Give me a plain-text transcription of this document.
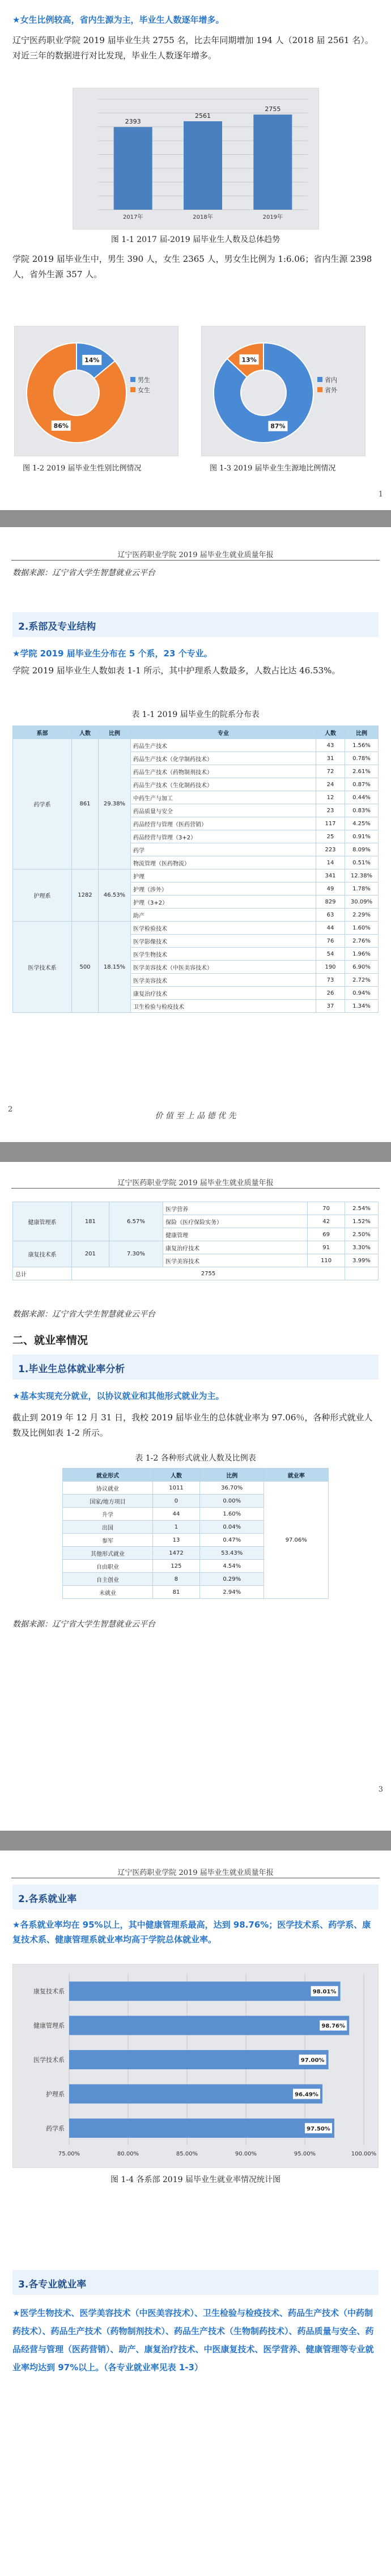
★女生比例较高，省内生源为主，毕业生人数逐年增多。
辽宁医药职业学院 2019 届毕业生共 2755 名，比去年同期增加 194 人（2018 届 2561 名）。对近三年的数据进行对比发现，毕业生人数逐年增多。
2393
2017年
2561
2018年
2755
2019年
图 1-1 2017 届-2019 届毕业生人数及总体趋势
学院 2019 届毕业生中，男生 390 人，女生 2365 人，男女生比例为 1:6.06；省内生源 2398 人，省外生源 357 人。
14%
86%
男生
女生
87%
13%
省内
省外
图 1-2 2019 届毕业生性别比例情况	图 1-3 2019 届毕业生生源地比例情况
1
辽宁医药职业学院 2019 届毕业生就业质量年报
数据来源：辽宁省大学生智慧就业云平台
2.系部及专业结构
★学院 2019 届毕业生分布在 5 个系，23 个专业。
学院 2019 届毕业生人数如表 1-1 所示，其中护理系人数最多，人数占比达 46.53%。
表 1-1 2019 届毕业生的院系分布表
系部	人数	比例	专业	人数	比例
药学系	861	29.38%	药品生产技术	43	1.56%
			药品生产技术（化学制药技术）	31	0.78%
			药品生产技术（药物制剂技术）	72	2.61%
			药品生产技术（生化制药技术）	24	0.87%
			中药生产与加工	12	0.44%
			药品质量与安全	23	0.83%
			药品经营与管理（医药营销）	117	4.25%
			药品经营与管理（3+2）	25	0.91%
			药学	223	8.09%
			物流管理（医药物流）	14	0.51%
护理系	1282	46.53%	护理	341	12.38%
			护理（涉外）	49	1.78%
			护理（3+2）	829	30.09%
			助产	63	2.29%
医学技术系	500	18.15%	医学检验技术	44	1.60%
			医学影像技术	76	2.76%
			医学生物技术	54	1.96%
			医学美容技术（中医美容技术）	190	6.90%
			医学美容技术	73	2.72%
			康复治疗技术	26	0.94%
			卫生检验与检疫技术	37	1.34%
2
价 值 至 上 品 德 优 先
辽宁医药职业学院 2019 届毕业生就业质量年报
健康管理系	181	6.57%	医学营养	70	2.54%
			保险（医疗保险实务）	42	1.52%
			健康管理	69	2.50%
康复技术系	201	7.30%	康复治疗技术	91	3.30%
			医学美容技术	110	3.99%
总计	2755				
数据来源：辽宁省大学生智慧就业云平台
二、就业率情况
1.毕业生总体就业率分析
★基本实现充分就业，以协议就业和其他形式就业为主。
截止到 2019 年 12 月 31 日，我校 2019 届毕业生的总体就业率为 97.06％，各种形式就业人数及比例如表 1-2 所示。
表 1-2 各种形式就业人数及比例表
就业形式	人数	比例	就业率
协议就业	1011	36.70%	97.06%
国家/地方项目	0	0.00%	
升学	44	1.60%	
出国	1	0.04%	
参军	13	0.47%	
其他形式就业	1472	53.43%	
自由职业	125	4.54%	
自主创业	8	0.29%	
未就业	81	2.94%	
数据来源：辽宁省大学生智慧就业云平台
3
辽宁医药职业学院 2019 届毕业生就业质量年报
2.各系就业率
★各系就业率均在 95%以上，其中健康管理系最高，达到 98.76%；医学技术系、药学系、康复技术系、健康管理系就业率均高于学院总体就业率。
75.00%	80.00%	85.00%	90.00%	95.00%	100.00%
98.01%
康复技术系
98.76%
健康管理系
97.00%
医学技术系
96.49%
护理系
97.50%
药学系
图 1-4 各系部 2019 届毕业生就业率情况统计图
3.各专业就业率
★医学生物技术、医学美容技术（中医美容技术）、卫生检验与检疫技术、药品生产技术（中药制药技术）、药品生产技术（药物制剂技术）、药品生产技术（生物制药技术）、药品质量与安全、药品经营与管理（医药营销）、助产、康复治疗技术、中医康复技术、医学营养、健康管理等专业就业率均达到 97%以上。（各专业就业率见表 1-3）
